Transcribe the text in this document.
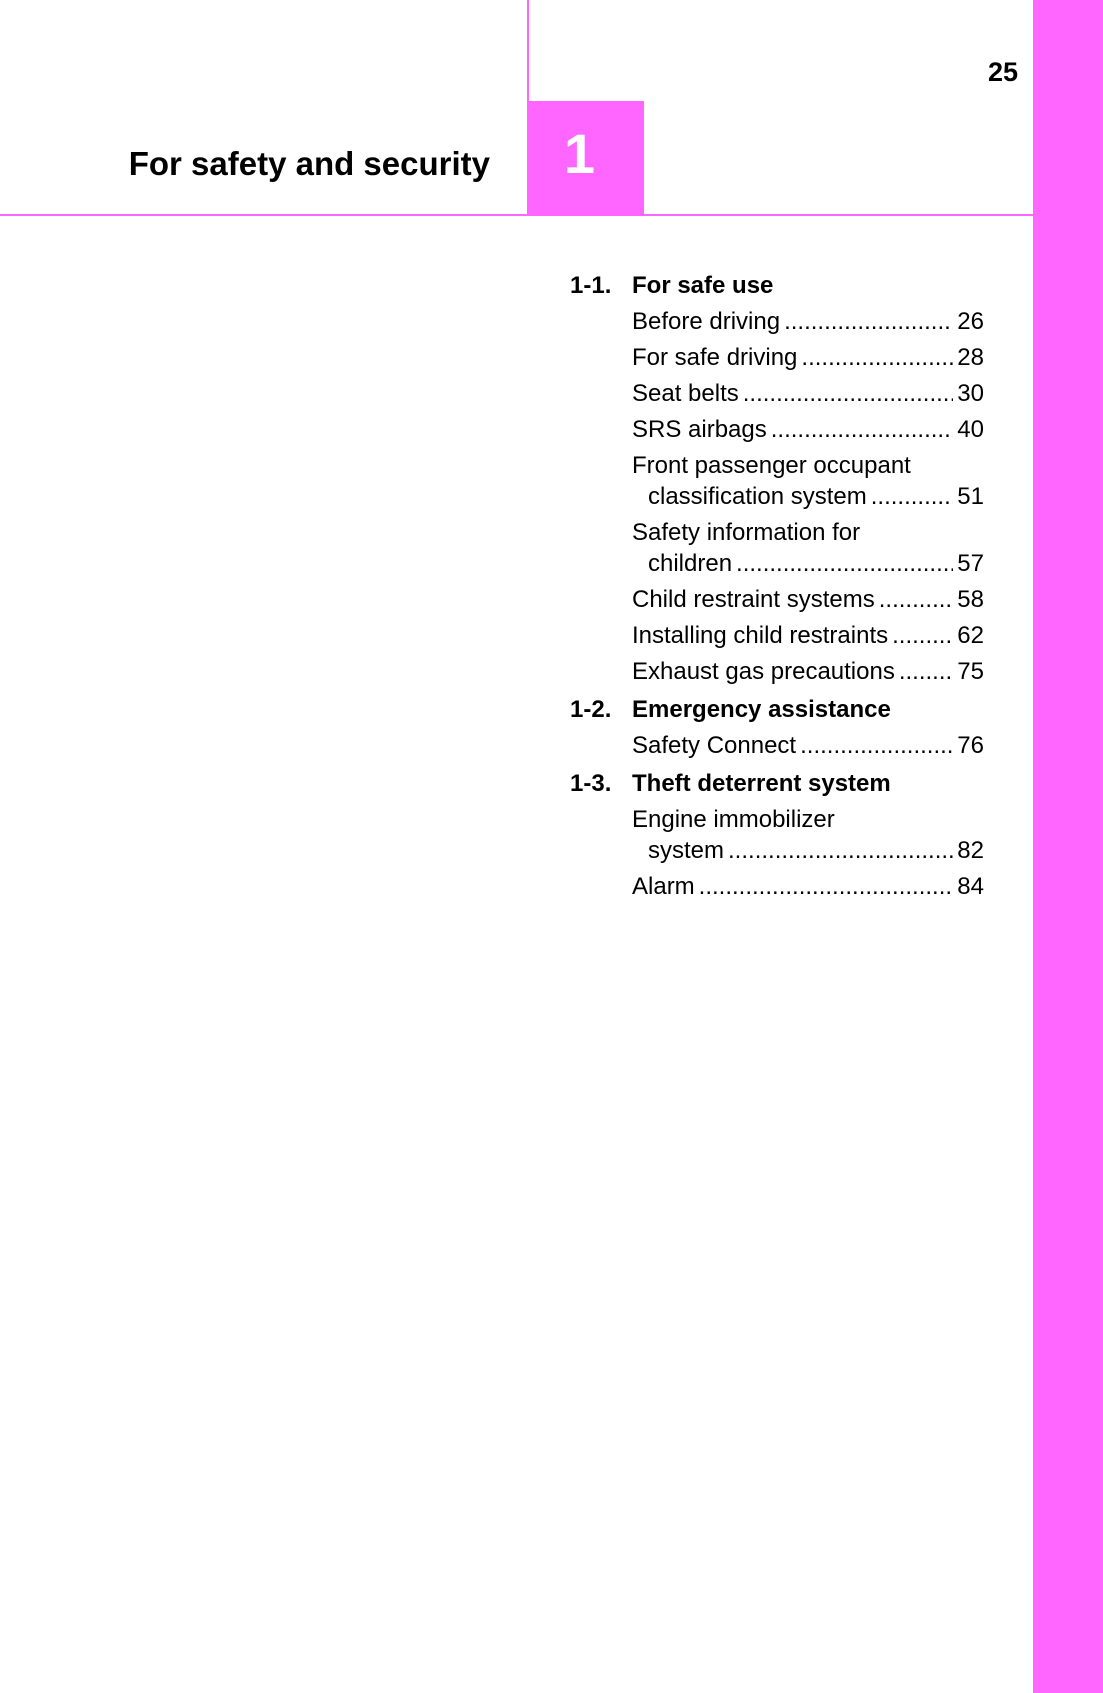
1
25
For safety and security
1-1. For safe use
Before driving .....	26
For safe driving .....	28
Seat belts .....	30
SRS airbags .....	40
Front passenger occupant
classification system .....	51
Safety information for
children .....	57
Child restraint systems .....	58
Installing child restraints .....	62
Exhaust gas precautions .....	75
1-2. Emergency assistance
Safety Connect .....	76
1-3. Theft deterrent system
Engine immobilizer
system .....	82
Alarm .....	84
